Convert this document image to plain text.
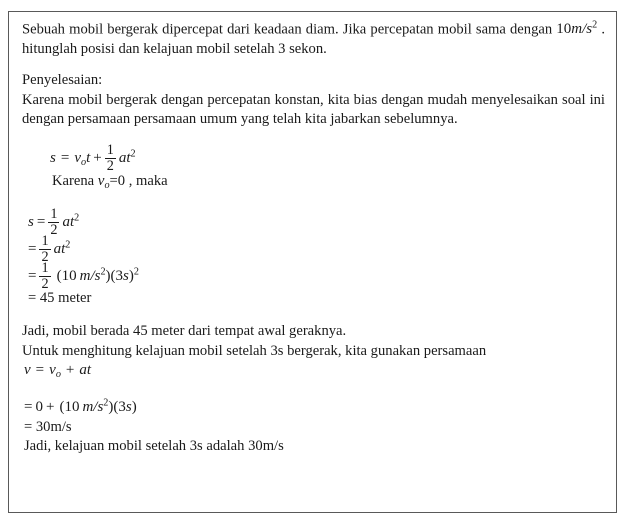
Sebuah mobil bergerak dipercepat dari keadaan diam. Jika percepatan mobil sama dengan $10m/s^2$ . hitunglah posisi dan kelajuan mobil setelah 3 sekon.

Penyelesaian:

Karena mobil bergerak dengan percepatan konstan, kita bias dengan mudah menyelesaikan soal ini dengan persamaan persamaan umum yang telah kita jabarkan sebelumnya.

$s = v_ot + \frac{1}{2} at^2$
Karena $v_o=0$ , maka
$s = \frac{1}{2} at^2$
= $\frac{1}{2} at^2$
= $\frac{1}{2} (10$ $m/s^2)(3s)^2$
= 45 meter

Jadi, mobil berada 45 meter dari tempat awal geraknya.

Untuk menghitung kelajuan mobil setelah 3s bergerak, kita gunakan persamaan

$v = v_o$ + at
= 0 + (10 $m/s^2)(3s)$
= 30m/s
Jadi, kelajuan mobil setelah 3s adalah 30m/s
